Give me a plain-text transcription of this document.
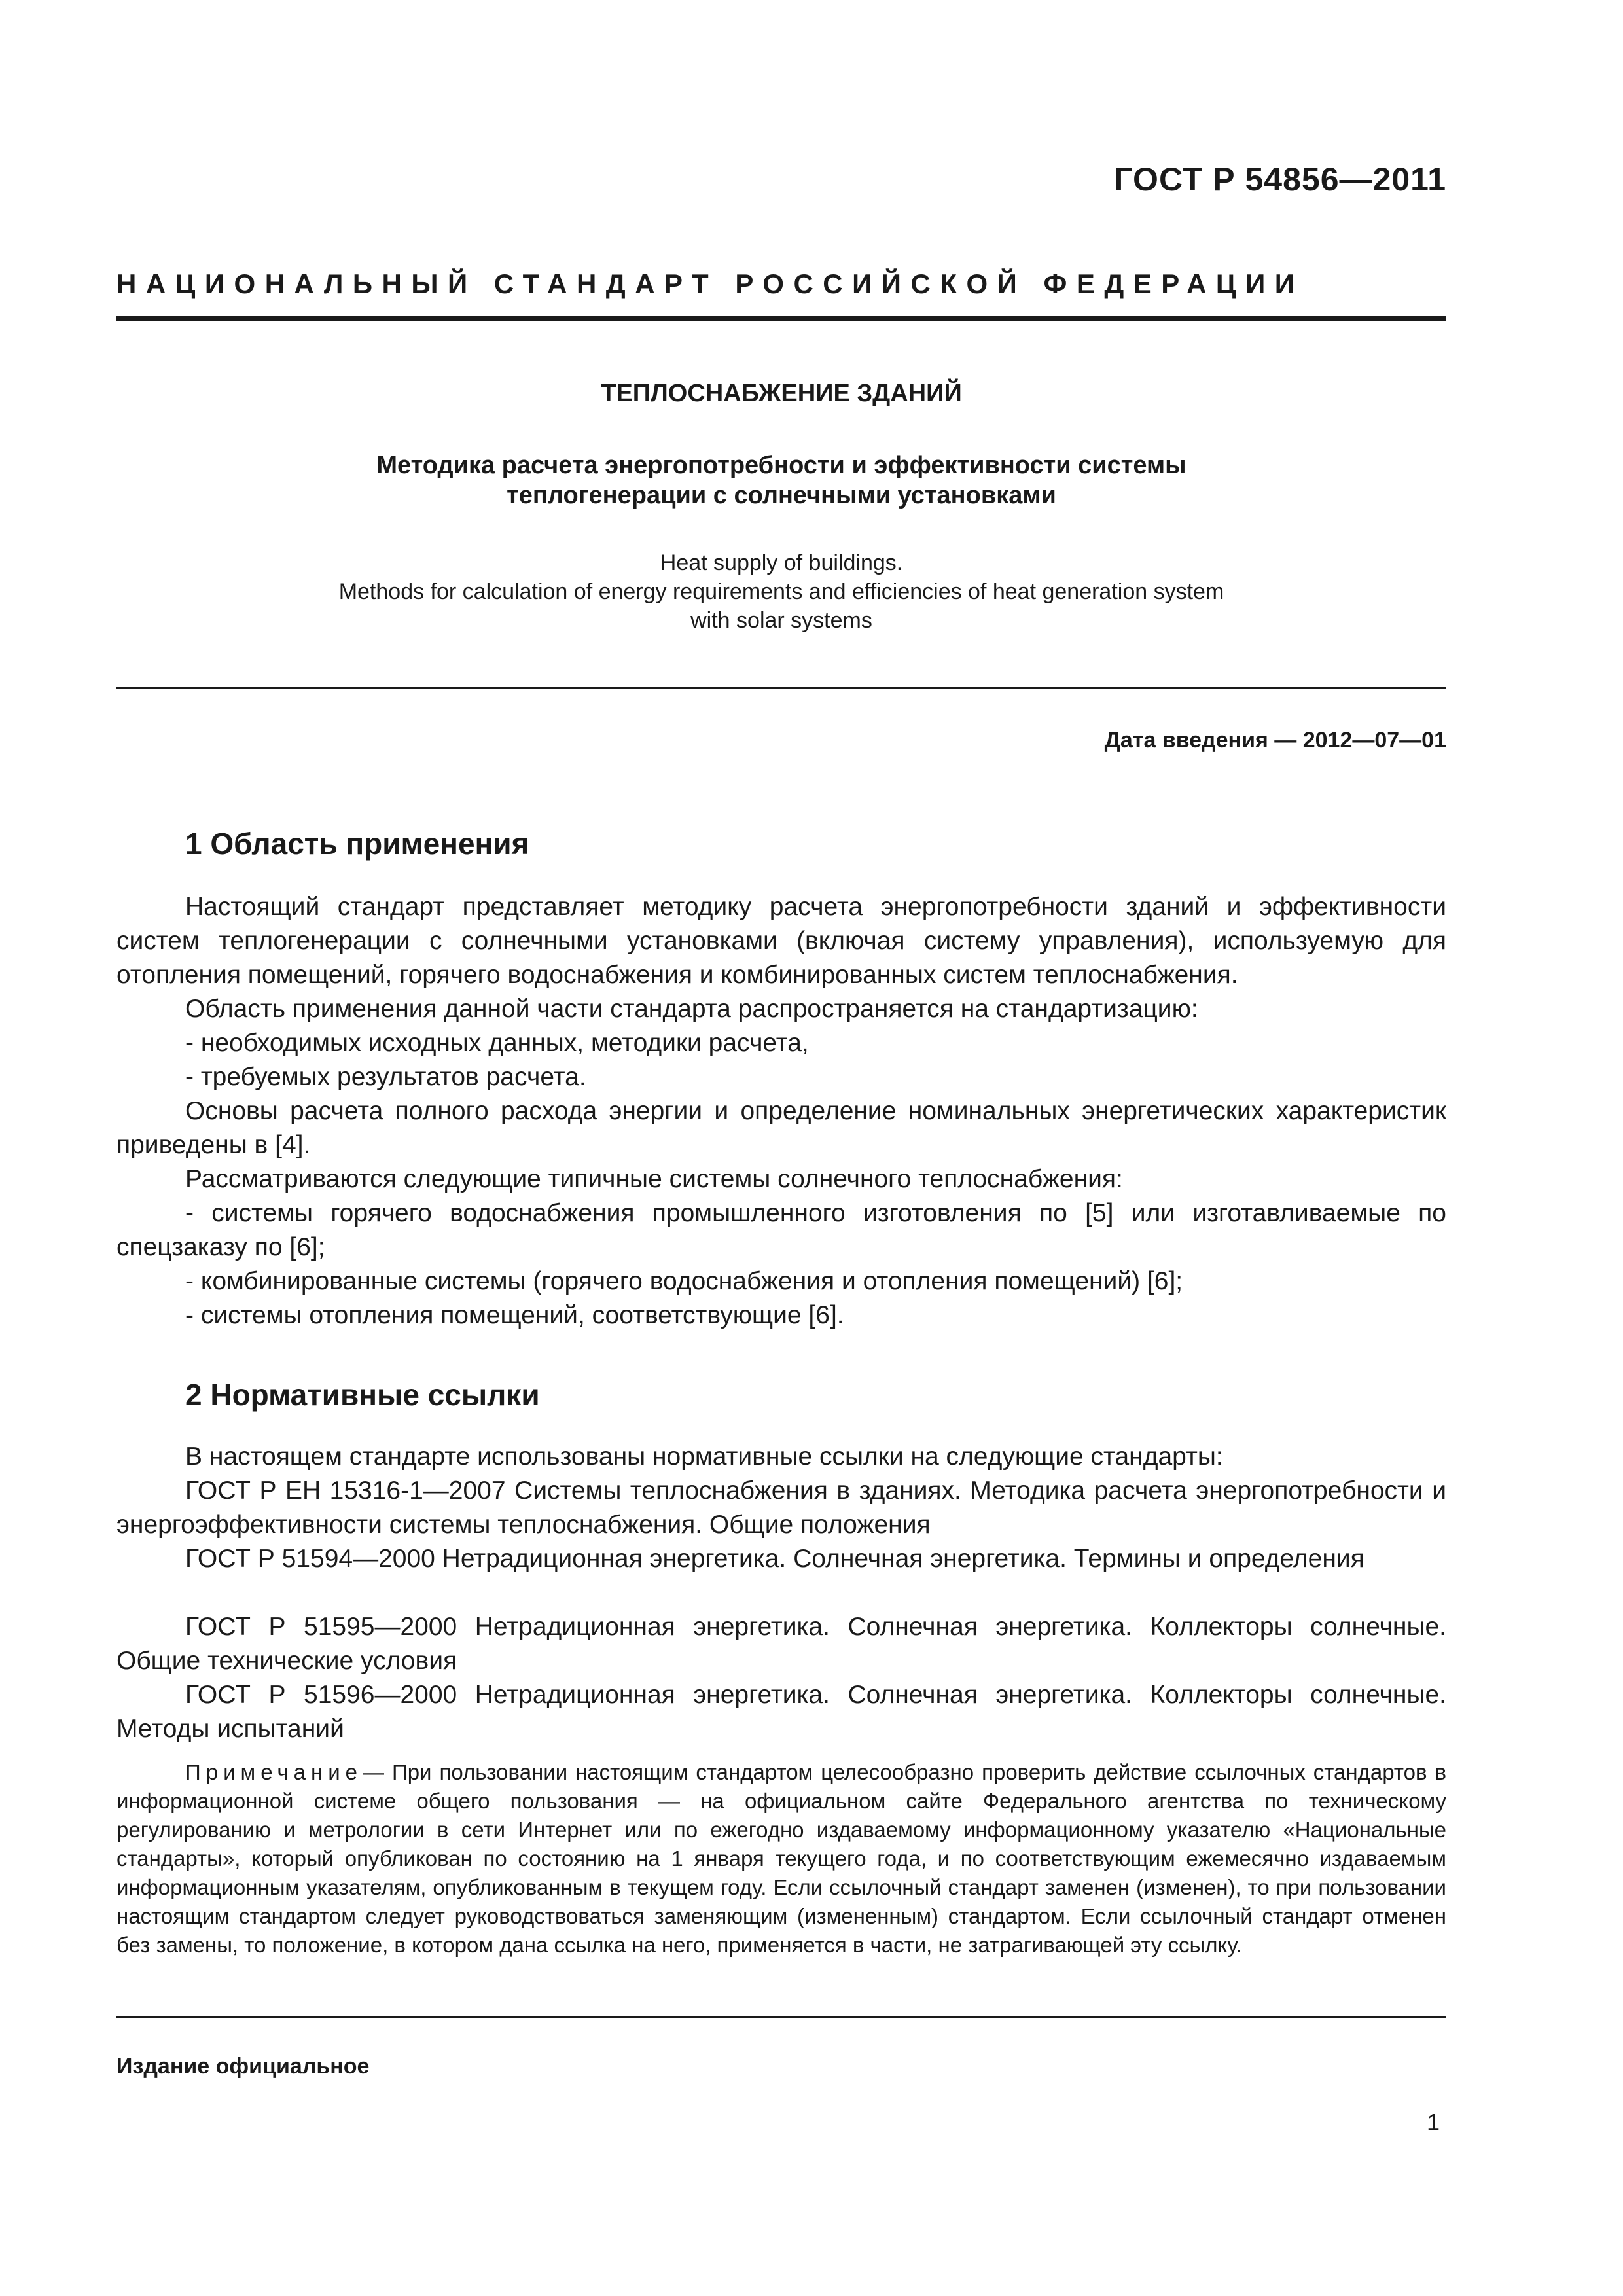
ГОСТ Р 54856—2011
НАЦИОНАЛЬНЫЙ СТАНДАРТ РОССИЙСКОЙ ФЕДЕРАЦИИ
ТЕПЛОСНАБЖЕНИЕ ЗДАНИЙ
Методика расчета энергопотребности и эффективности системы
теплогенерации с солнечными установками
Heat supply of buildings.
Methods for calculation of energy requirements and efficiencies of heat generation system
with solar systems
Дата введения — 2012—07—01
1 Область применения

Настоящий стандарт представляет методику расчета энергопотребности зданий и эффективности систем теплогенерации с солнечными установками (включая систему управления), используемую для отопления помещений, горячего водоснабжения и комбинированных систем теплоснабжения.

Область применения данной части стандарта распространяется на стандартизацию:

- необходимых исходных данных, методики расчета,

- требуемых результатов расчета.

Основы расчета полного расхода энергии и определение номинальных энергетических характеристик приведены в [4].

Рассматриваются следующие типичные системы солнечного теплоснабжения:

- системы горячего водоснабжения промышленного изготовления по [5] или изготавливаемые по спецзаказу по [6];

- комбинированные системы (горячего водоснабжения и отопления помещений) [6];

- системы отопления помещений, соответствующие [6].

2 Нормативные ссылки

В настоящем стандарте использованы нормативные ссылки на следующие стандарты:

ГОСТ Р ЕН 15316-1—2007 Системы теплоснабжения в зданиях. Методика расчета энергопотребности и энергоэффективности системы теплоснабжения. Общие положения

ГОСТ Р 51594—2000 Нетрадиционная энергетика. Солнечная энергетика. Термины и определения

ГОСТ Р 51595—2000 Нетрадиционная энергетика. Солнечная энергетика. Коллекторы солнечные. Общие технические условия

ГОСТ Р 51596—2000 Нетрадиционная энергетика. Солнечная энергетика. Коллекторы солнечные. Методы испытаний

Примечание— При пользовании настоящим стандартом целесообразно проверить действие ссылочных стандартов в информационной системе общего пользования — на официальном сайте Федерального агентства по техническому регулированию и метрологии в сети Интернет или по ежегодно издаваемому информационному указателю «Национальные стандарты», который опубликован по состоянию на 1 января текущего года, и по соответствующим ежемесячно издаваемым информационным указателям, опубликованным в текущем году. Если ссылочный стандарт заменен (изменен), то при пользовании настоящим стандартом следует руководствоваться заменяющим (измененным) стандартом. Если ссылочный стандарт отменен без замены, то положение, в котором дана ссылка на него, применяется в части, не затрагивающей эту ссылку.

Издание официальное
1
